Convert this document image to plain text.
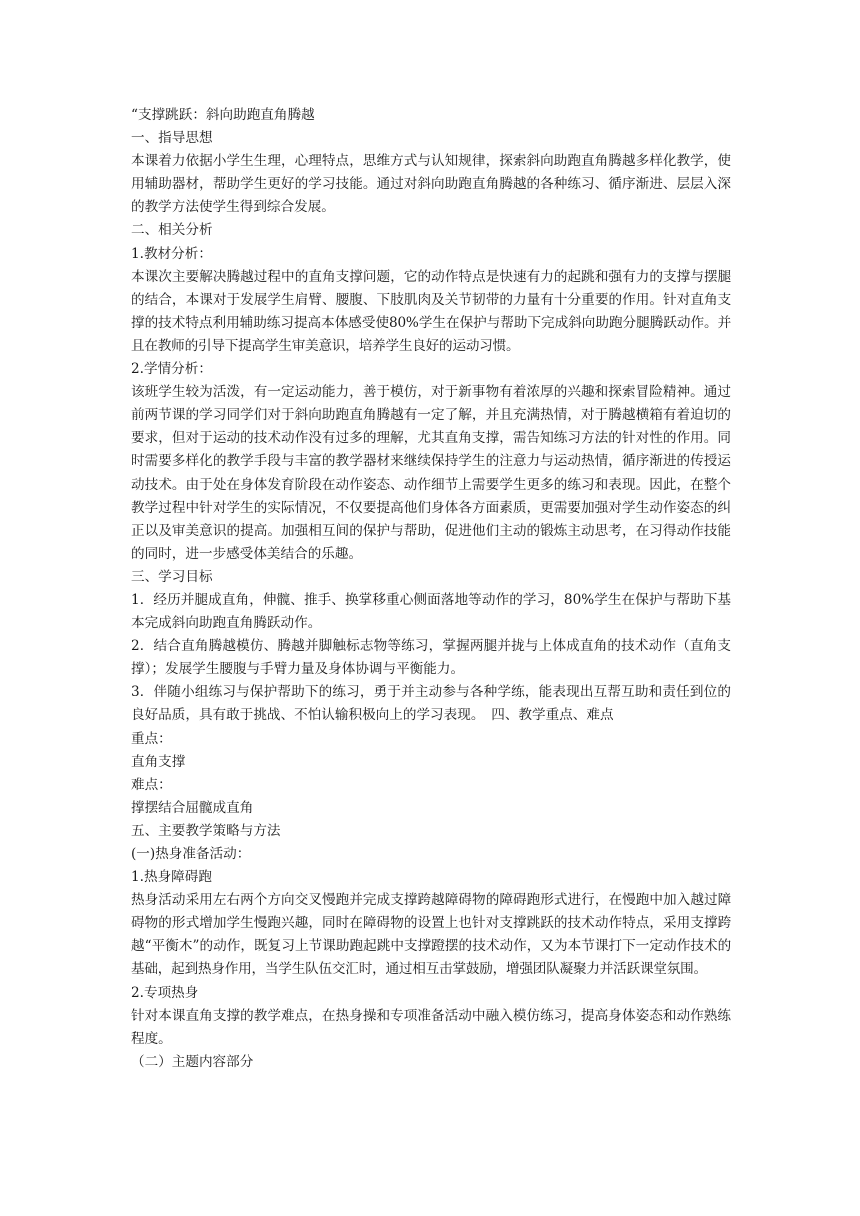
“支撑跳跃：斜向助跑直角腾越

一、指导思想

本课着力依据小学生生理，心理特点，思维方式与认知规律，探索斜向助跑直角腾越多样化教学，使用辅助器材，帮助学生更好的学习技能。通过对斜向助跑直角腾越的各种练习、循序渐进、层层入深的教学方法使学生得到综合发展。

二、相关分析

1.教材分析：

本课次主要解决腾越过程中的直角支撑问题，它的动作特点是快速有力的起跳和强有力的支撑与摆腿的结合，本课对于发展学生肩臂、腰腹、下肢肌肉及关节韧带的力量有十分重要的作用。针对直角支撑的技术特点利用辅助练习提高本体感受使80%学生在保护与帮助下完成斜向助跑分腿腾跃动作。并且在教师的引导下提高学生审美意识，培养学生良好的运动习惯。

2.学情分析：

该班学生较为活泼，有一定运动能力，善于模仿，对于新事物有着浓厚的兴趣和探索冒险精神。通过前两节课的学习同学们对于斜向助跑直角腾越有一定了解，并且充满热情，对于腾越横箱有着迫切的要求，但对于运动的技术动作没有过多的理解，尤其直角支撑，需告知练习方法的针对性的作用。同时需要多样化的教学手段与丰富的教学器材来继续保持学生的注意力与运动热情，循序渐进的传授运动技术。由于处在身体发育阶段在动作姿态、动作细节上需要学生更多的练习和表现。因此，在整个教学过程中针对学生的实际情况，不仅要提高他们身体各方面素质，更需要加强对学生动作姿态的纠正以及审美意识的提高。加强相互间的保护与帮助，促进他们主动的锻炼主动思考，在习得动作技能的同时，进一步感受体美结合的乐趣。

三、学习目标

1．经历并腿成直角，伸髋、推手、换掌移重心侧面落地等动作的学习，80%学生在保护与帮助下基本完成斜向助跑直角腾跃动作。

2．结合直角腾越模仿、腾越并脚触标志物等练习，掌握两腿并拢与上体成直角的技术动作（直角支撑）；发展学生腰腹与手臂力量及身体协调与平衡能力。

3．伴随小组练习与保护帮助下的练习，勇于并主动参与各种学练，能表现出互帮互助和责任到位的良好品质，具有敢于挑战、不怕认输积极向上的学习表现。　四、教学重点、难点

重点：

直角支撑

难点：

撑摆结合屈髋成直角

五、主要教学策略与方法

(一)热身准备活动：

1.热身障碍跑

热身活动采用左右两个方向交叉慢跑并完成支撑跨越障碍物的障碍跑形式进行，在慢跑中加入越过障碍物的形式增加学生慢跑兴趣，同时在障碍物的设置上也针对支撑跳跃的技术动作特点，采用支撑跨越“平衡木”的动作，既复习上节课助跑起跳中支撑蹬摆的技术动作，又为本节课打下一定动作技术的基础，起到热身作用，当学生队伍交汇时，通过相互击掌鼓励，增强团队凝聚力并活跃课堂氛围。

2.专项热身

针对本课直角支撑的教学难点，在热身操和专项准备活动中融入模仿练习，提高身体姿态和动作熟练程度。

（二）主题内容部分
